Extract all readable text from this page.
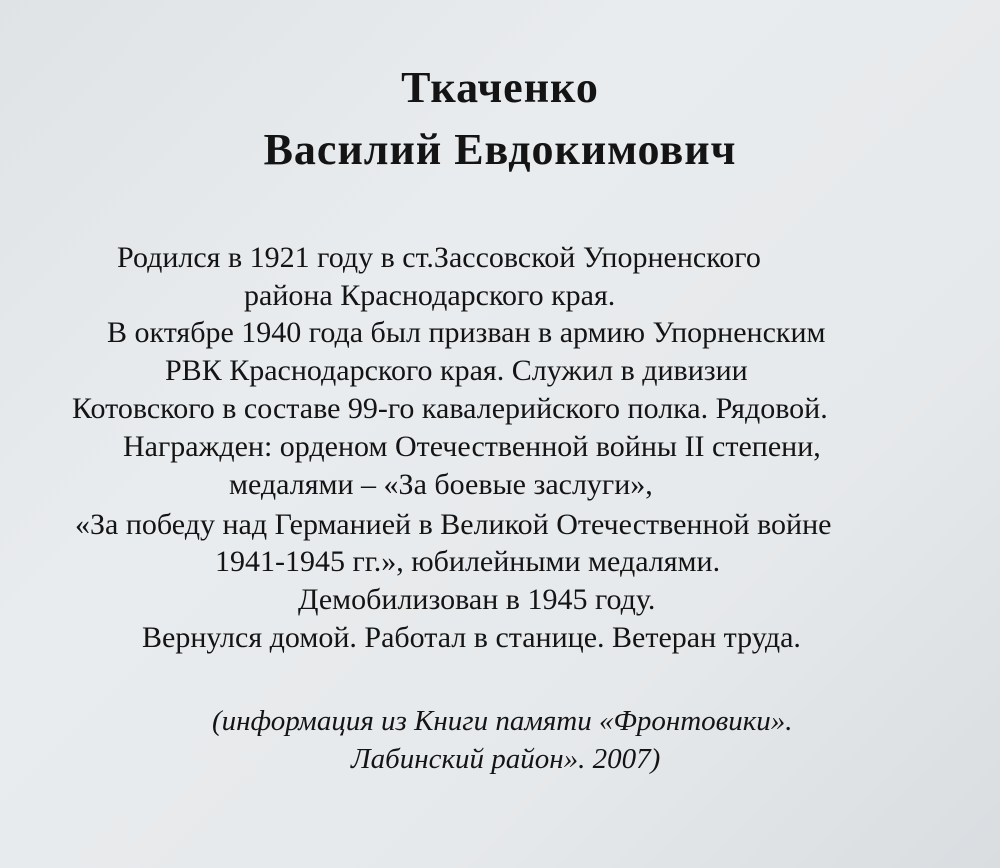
Ткаченко
Василий Евдокимович

Родился в 1921 году в ст.Зассовской Упорненского

района Краснодарского края.

В октябре 1940 года был призван в армию Упорненским

РВК Краснодарского края. Служил в дивизии

Котовского в составе 99-го кавалерийского полка. Рядовой.

Награжден: орденом Отечественной войны II степени,

медалями – «За боевые заслуги»,

«За победу над Германией в Великой Отечественной войне

1941-1945 гг.», юбилейными медалями.

Демобилизован в 1945 году.

Вернулся домой. Работал в станице. Ветеран труда.

(информация из Книги памяти «Фронтовики».

Лабинский район». 2007)
